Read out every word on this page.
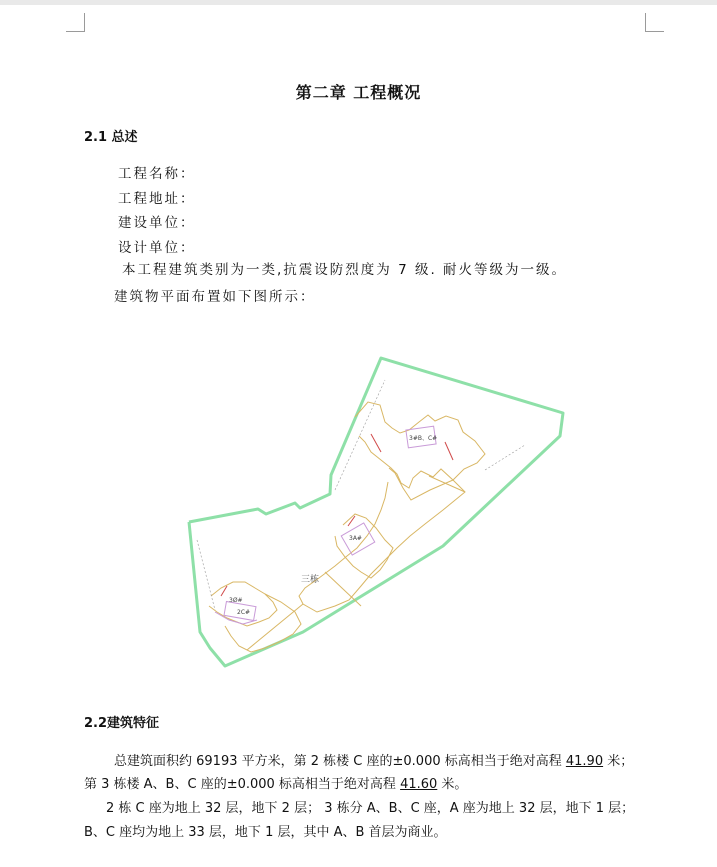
第二章 工程概况
2.1 总述
工程名称：
工程地址：
建设单位：
设计单位：
本工程建筑类别为一类,抗震设防烈度为 7 级. 耐火等级为一级。
建筑物平面布置如下图所示：
3#B、C#
3A#
3Ø#
2C#
三栋
2.2建筑特征
总建筑面积约 69193 平方米，第 2 栋楼 C 座的±0.000 标高相当于绝对高程 41.90 米；
第 3 栋楼 A、B、C 座的±0.000 标高相当于绝对高程 41.60 米。
2 栋 C 座为地上 32 层，地下 2 层； 3 栋分 A、B、C 座，A 座为地上 32 层，地下 1 层；
B、C 座均为地上 33 层，地下 1 层，其中 A、B 首层为商业。
